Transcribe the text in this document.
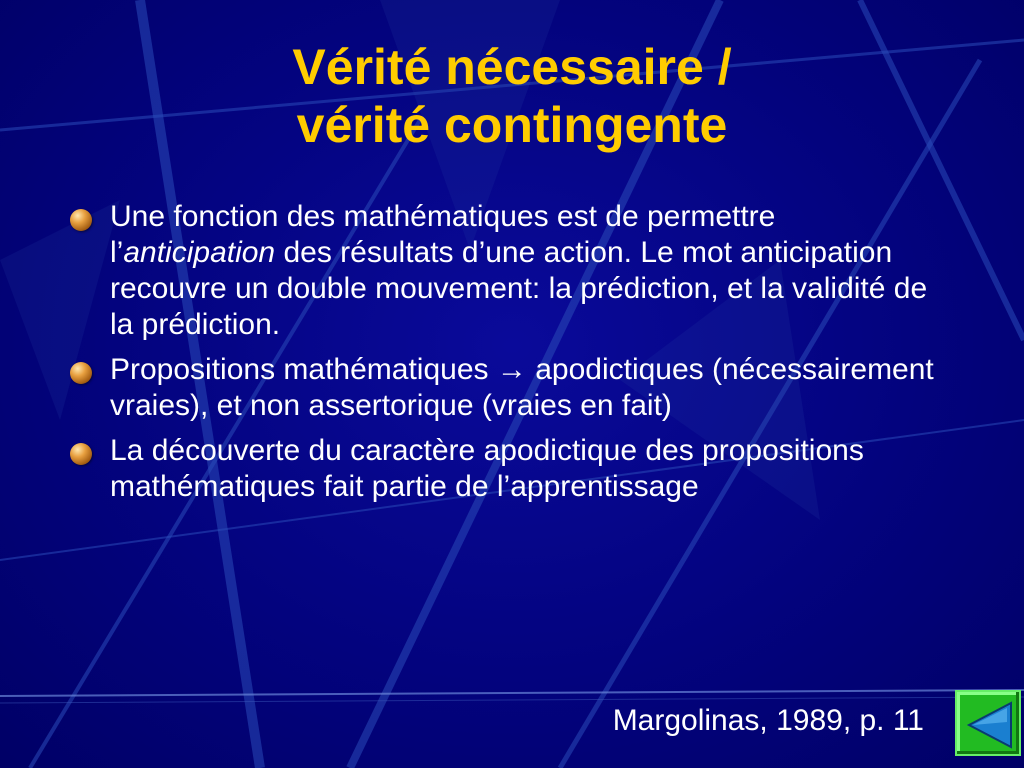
Vérité nécessaire /
vérité contingente
Une fonction des mathématiques est de permettre l’anticipation des résultats d’une action. Le mot anticipation recouvre un double mouvement: la prédiction, et la validité de la prédiction.
Propositions mathématiques → apodictiques (nécessairement vraies), et non assertorique (vraies en fait)
La découverte du caractère apodictique des propositions mathématiques fait partie de l’apprentissage
Margolinas, 1989, p. 11
